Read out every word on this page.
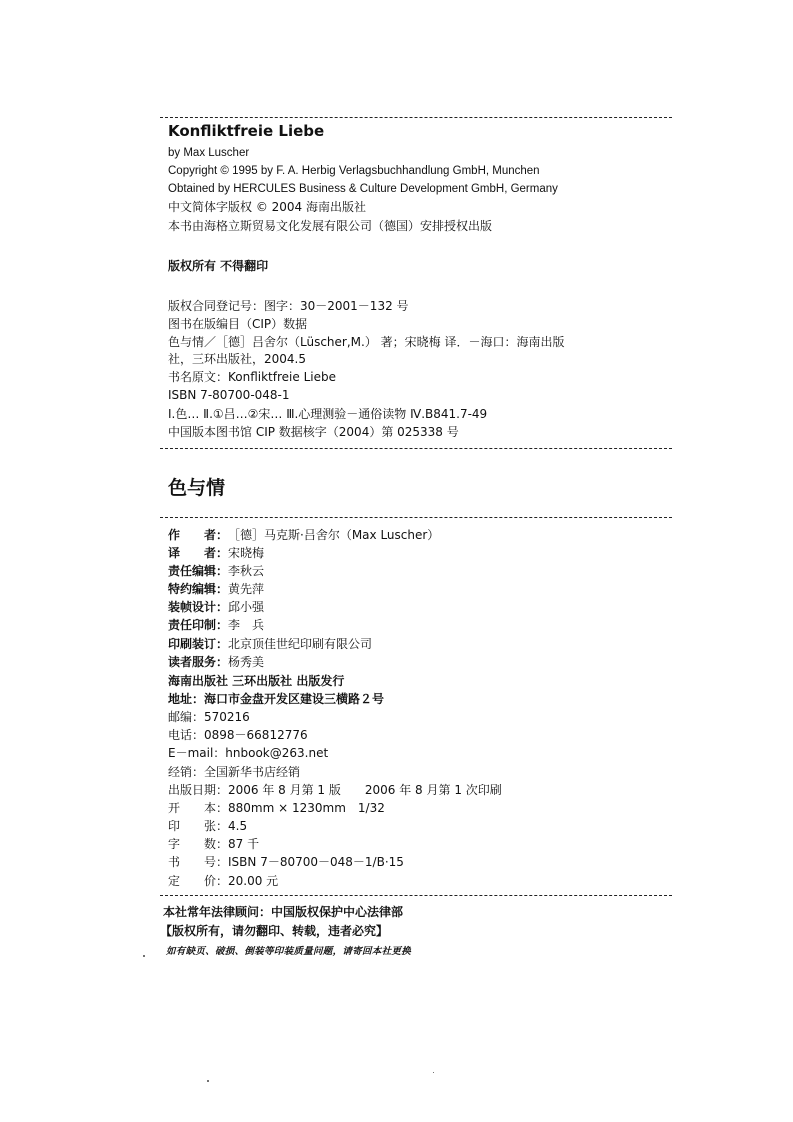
Konfliktfreie Liebe
by Max Luscher
Copyright © 1995 by F. A. Herbig Verlagsbuchhandlung GmbH, Munchen
Obtained by HERCULES Business & Culture Development GmbH, Germany
中文简体字版权 © 2004 海南出版社
本书由海格立斯贸易文化发展有限公司（德国）安排授权出版
版权所有 不得翻印
版权合同登记号：图字：30－2001－132 号
图书在版编目（CIP）数据
色与情／［德］吕舍尔（Lüscher,M.） 著；宋晓梅 译．－海口：海南出版
社，三环出版社，2004.5
书名原文：Konfliktfreie Liebe
ISBN 7-80700-048-1
Ⅰ.色… Ⅱ.①吕…②宋… Ⅲ.心理测验－通俗读物 Ⅳ.B841.7-49
中国版本图书馆 CIP 数据核字（2004）第 025338 号
色与情
作　　者： ［德］马克斯·吕舍尔（Max Luscher）
译　　者： 宋晓梅
责任编辑： 李秋云
特约编辑： 黄先萍
装帧设计： 邱小强
责任印制： 李　兵
印刷装订： 北京顶佳世纪印刷有限公司
读者服务： 杨秀美
海南出版社 三环出版社 出版发行
地址：海口市金盘开发区建设三横路２号
邮编：570216
电话：0898－66812776
E－mail：hnbook@263.net
经销：全国新华书店经销
出版日期：2006 年 8 月第 1 版　　2006 年 8 月第 1 次印刷
开　　本： 880mm × 1230mm　1/32
印　　张： 4.5
字　　数： 87 千
书　　号： ISBN 7－80700－048－1/B·15
定　　价： 20.00 元
本社常年法律顾问：中国版权保护中心法律部
【版权所有，请勿翻印、转载，违者必究】
如有缺页、破损、倒装等印装质量问题，请寄回本社更换
